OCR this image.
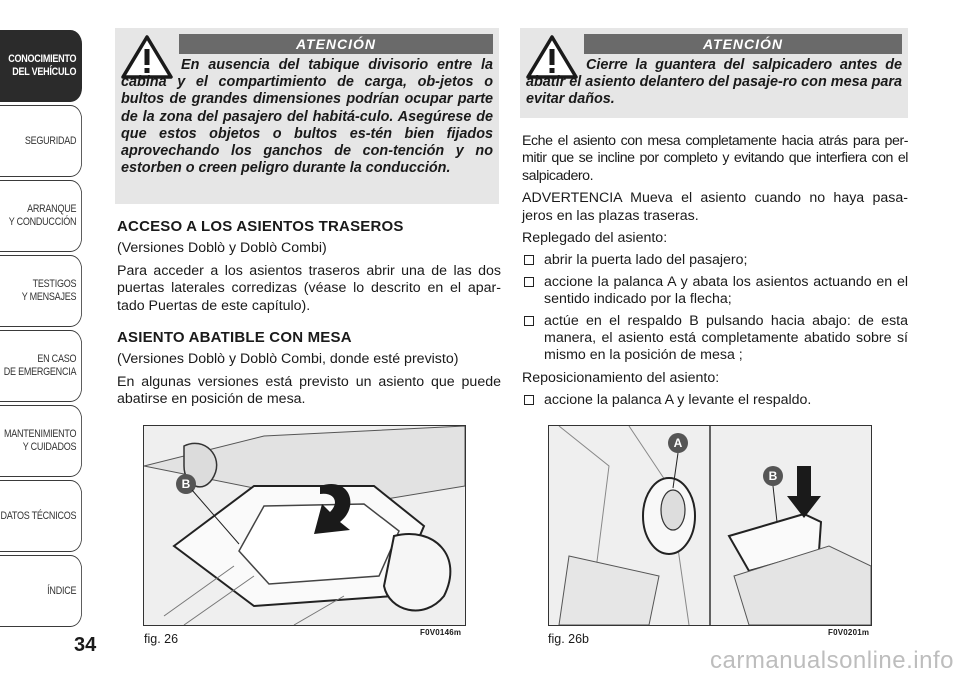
CONOCIMIENTO
DEL VEHÍCULO
SEGURIDAD
ARRANQUE
Y CONDUCCIÓN
TESTIGOS
Y MENSAJES
EN CASO
DE EMERGENCIA
MANTENIMIENTO
Y CUIDADOS
DATOS TÉCNICOS
ÍNDICE
34
ATENCIÓN
En ausencia del tabique divisorio entre la cabina y el compartimiento de carga, ob-jetos o bultos de grandes dimensiones podrían ocupar parte de la zona del pasajero del habitá-culo. Asegúrese de que estos objetos o bultos es-tén bien fijados aprovechando los ganchos de con-tención y no estorben o creen peligro durante la conducción.

ACCESO A LOS ASIENTOS TRASEROS

(Versiones Doblò y Doblò Combi)

Para acceder a los asientos traseros abrir una de las dos puertas laterales corredizas (véase lo descrito en el apar-tado Puertas de este capítulo).

ASIENTO ABATIBLE CON MESA

(Versiones Doblò y Doblò Combi, donde esté previsto)

En algunas versiones está previsto un asiento que puede abatirse en posición de mesa.

B
fig. 26	F0V0146m
ATENCIÓN
Cierre la guantera del salpicadero antes de abatir el asiento delantero del pasaje-ro con mesa para evitar daños.

Eche el asiento con mesa completamente hacia atrás para per-mitir que se incline por completo y evitando que interfiera con el salpicadero.

ADVERTENCIA Mueva el asiento cuando no haya pasa-jeros en las plazas traseras.

Replegado del asiento:

abrir la puerta lado del pasajero;
accione la palanca A y abata los asientos actuando en el sentido indicado por la flecha;
actúe en el respaldo B pulsando hacia abajo: de esta manera, el asiento está completamente abatido sobre sí mismo en la posición de mesa ;

Reposicionamiento del asiento:

accione la palanca A y levante el respaldo.
A
B
fig. 26b	F0V0201m
carmanualsonline.info
